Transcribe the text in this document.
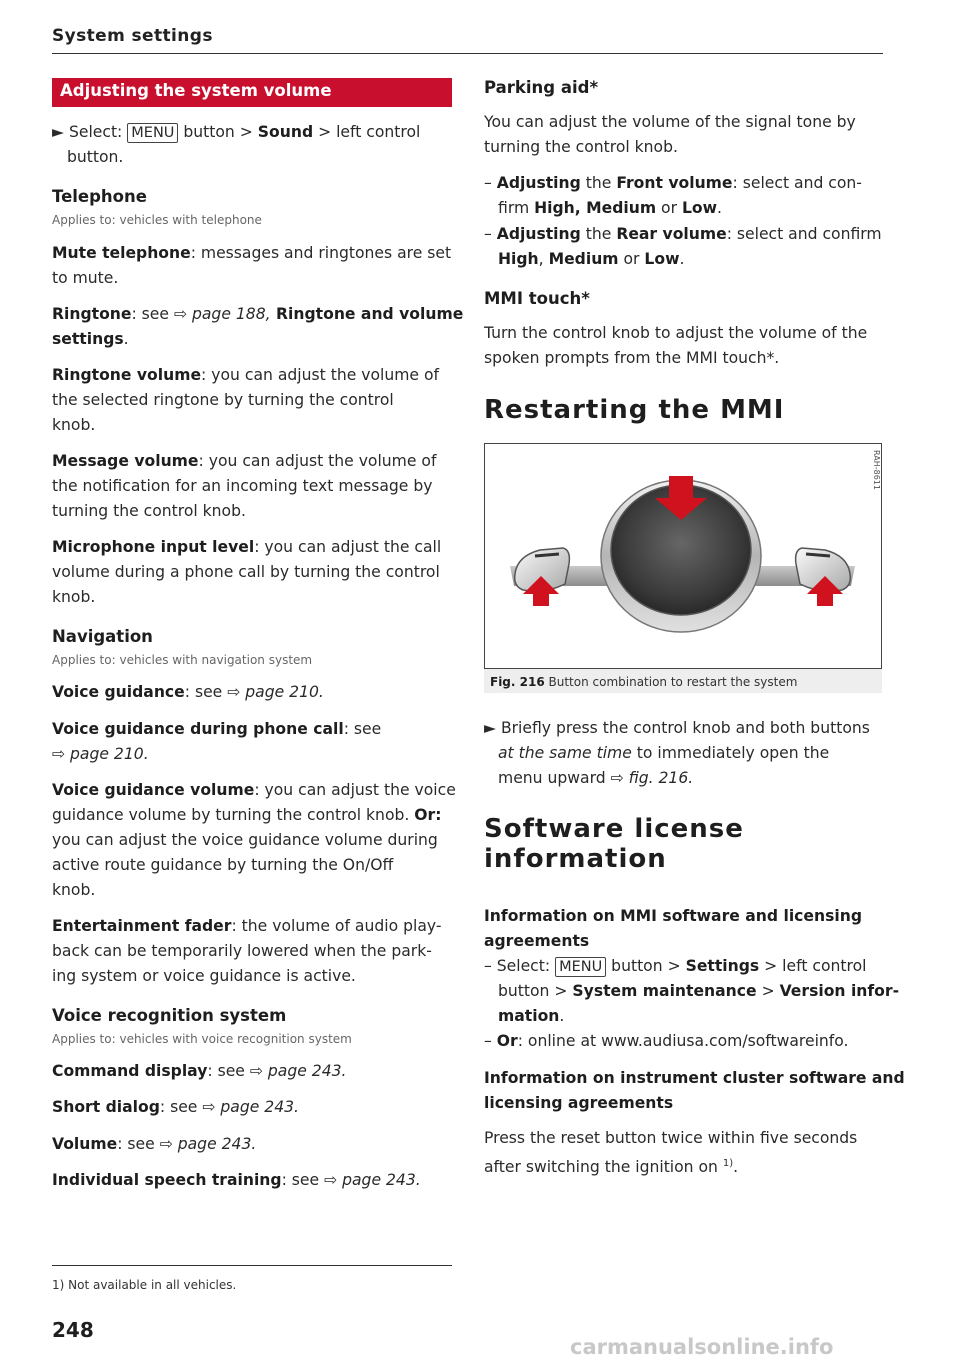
System settings
Adjusting the system volume
► Select: MENU button > Sound > left control
button.
Telephone
Applies to: vehicles with telephone
Mute telephone: messages and ringtones are set
to mute.
Ringtone: see ⇨ page 188, Ringtone and volume
settings.
Ringtone volume: you can adjust the volume of
the selected ringtone by turning the control
knob.
Message volume: you can adjust the volume of
the notification for an incoming text message by
turning the control knob.
Microphone input level: you can adjust the call
volume during a phone call by turning the control
knob.
Navigation
Applies to: vehicles with navigation system
Voice guidance: see ⇨ page 210.
Voice guidance during phone call: see
⇨ page 210.
Voice guidance volume: you can adjust the voice
guidance volume by turning the control knob. Or:
you can adjust the voice guidance volume during
active route guidance by turning the On/Off
knob.
Entertainment fader: the volume of audio play-
back can be temporarily lowered when the park-
ing system or voice guidance is active.
Voice recognition system
Applies to: vehicles with voice recognition system
Command display: see ⇨ page 243.
Short dialog: see ⇨ page 243.
Volume: see ⇨ page 243.
Individual speech training: see ⇨ page 243.
1) Not available in all vehicles.
248
Parking aid*
You can adjust the volume of the signal tone by
turning the control knob.
– Adjusting the Front volume: select and con-
firm High, Medium or Low.
– Adjusting the Rear volume: select and confirm
High, Medium or Low.
MMI touch*
Turn the control knob to adjust the volume of the
spoken prompts from the MMI touch*.
Restarting the MMI
RAH-8611
Fig. 216 Button combination to restart the system
► Briefly press the control knob and both buttons
at the same time to immediately open the
menu upward ⇨ fig. 216.
Software license
information
Information on MMI software and licensing
agreements
– Select: MENU button > Settings > left control
button > System maintenance > Version infor-
mation.
– Or: online at www.audiusa.com/softwareinfo.
Information on instrument cluster software and
licensing agreements
Press the reset button twice within five seconds
after switching the ignition on $^{1)}$.
carmanualsonline.info
